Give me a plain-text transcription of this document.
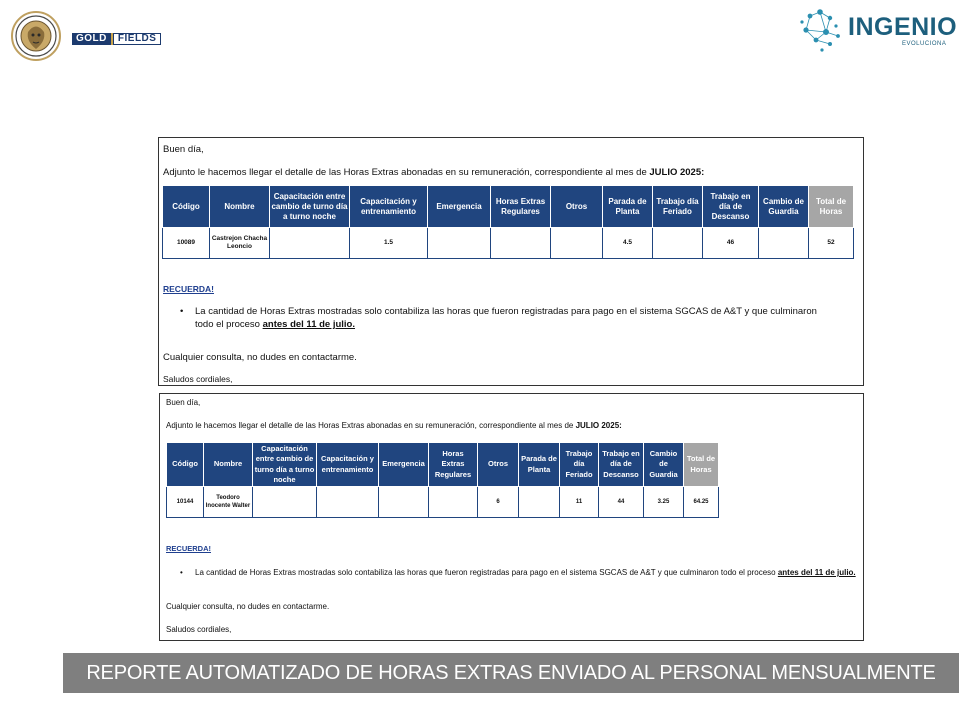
GOLD	FIELDS	INGENIO
EVOLUCIONA
Buen día,
Adjunto le hacemos llegar el detalle de las Horas Extras abonadas en su remuneración, correspondiente al mes de JULIO 2025:
Código	Nombre	Capacitación entre cambio de turno día a turno noche	Capacitación y entrenamiento	Emergencia	Horas Extras Regulares	Otros	Parada de Planta	Trabajo día Feriado	Trabajo en día de Descanso	Cambio de Guardia	Total de Horas
10089	Castrejon Chacha Leoncio		1.5				4.5		46		52
RECUERDA!
•	La cantidad de Horas Extras mostradas solo contabiliza las horas que fueron registradas para pago en el sistema SGCAS de A&T y que culminaron todo el proceso antes del 11 de julio.
Cualquier consulta, no dudes en contactarme.
Saludos cordiales,
Buen día,
Adjunto le hacemos llegar el detalle de las Horas Extras abonadas en su remuneración, correspondiente al mes de JULIO 2025:
Código	Nombre	Capacitación entre cambio de turno día a turno noche	Capacitación y entrenamiento	Emergencia	Horas Extras Regulares	Otros	Parada de Planta	Trabajo día Feriado	Trabajo en día de Descanso	Cambio de Guardia	Total de Horas
10144	Teodoro Inocente Walter					6		11	44	3.25	64.25
RECUERDA!
•	La cantidad de Horas Extras mostradas solo contabiliza las horas que fueron registradas para pago en el sistema SGCAS de A&T y que culminaron todo el proceso antes del 11 de julio.
Cualquier consulta, no dudes en contactarme.
Saludos cordiales,
REPORTE AUTOMATIZADO DE HORAS EXTRAS ENVIADO AL PERSONAL MENSUALMENTE
